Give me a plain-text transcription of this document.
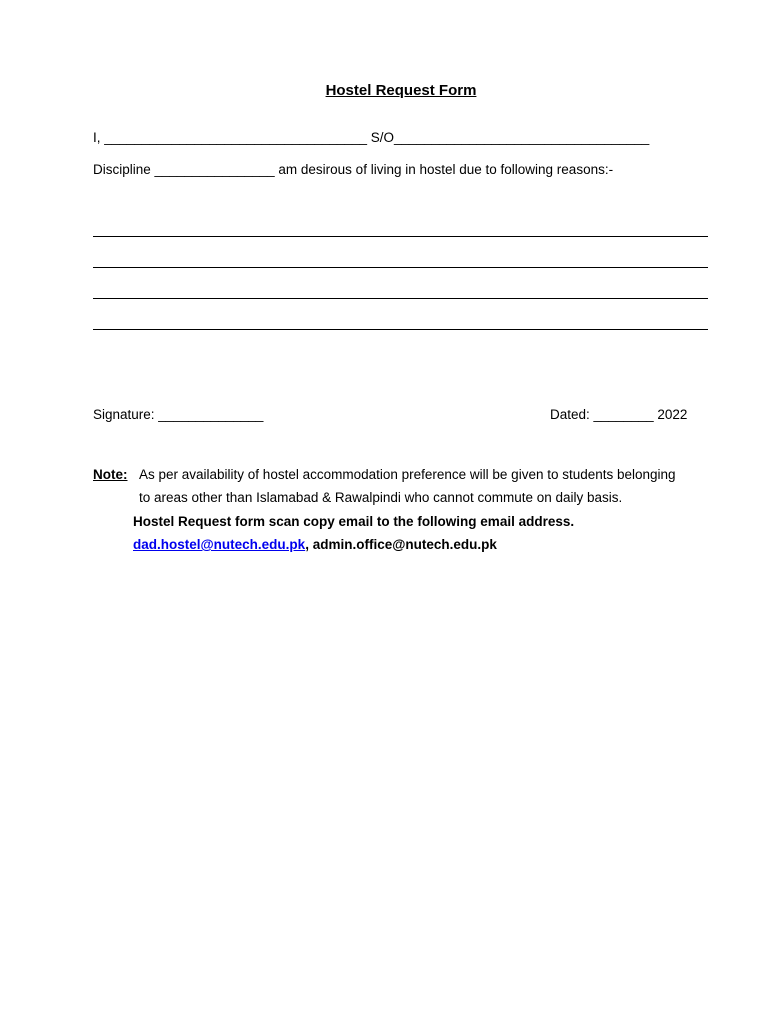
Hostel Request Form
I, ___________________________________ S/O__________________________________
Discipline ________________ am desirous of living in hostel due to following reasons:-
Signature: ______________	Dated: ________ 2022
Note: As per availability of hostel accommodation preference will be given to students belonging
to areas other than Islamabad & Rawalpindi who cannot commute on daily basis.
Hostel Request form scan copy email to the following email address.
dad.hostel@nutech.edu.pk, admin.office@nutech.edu.pk
